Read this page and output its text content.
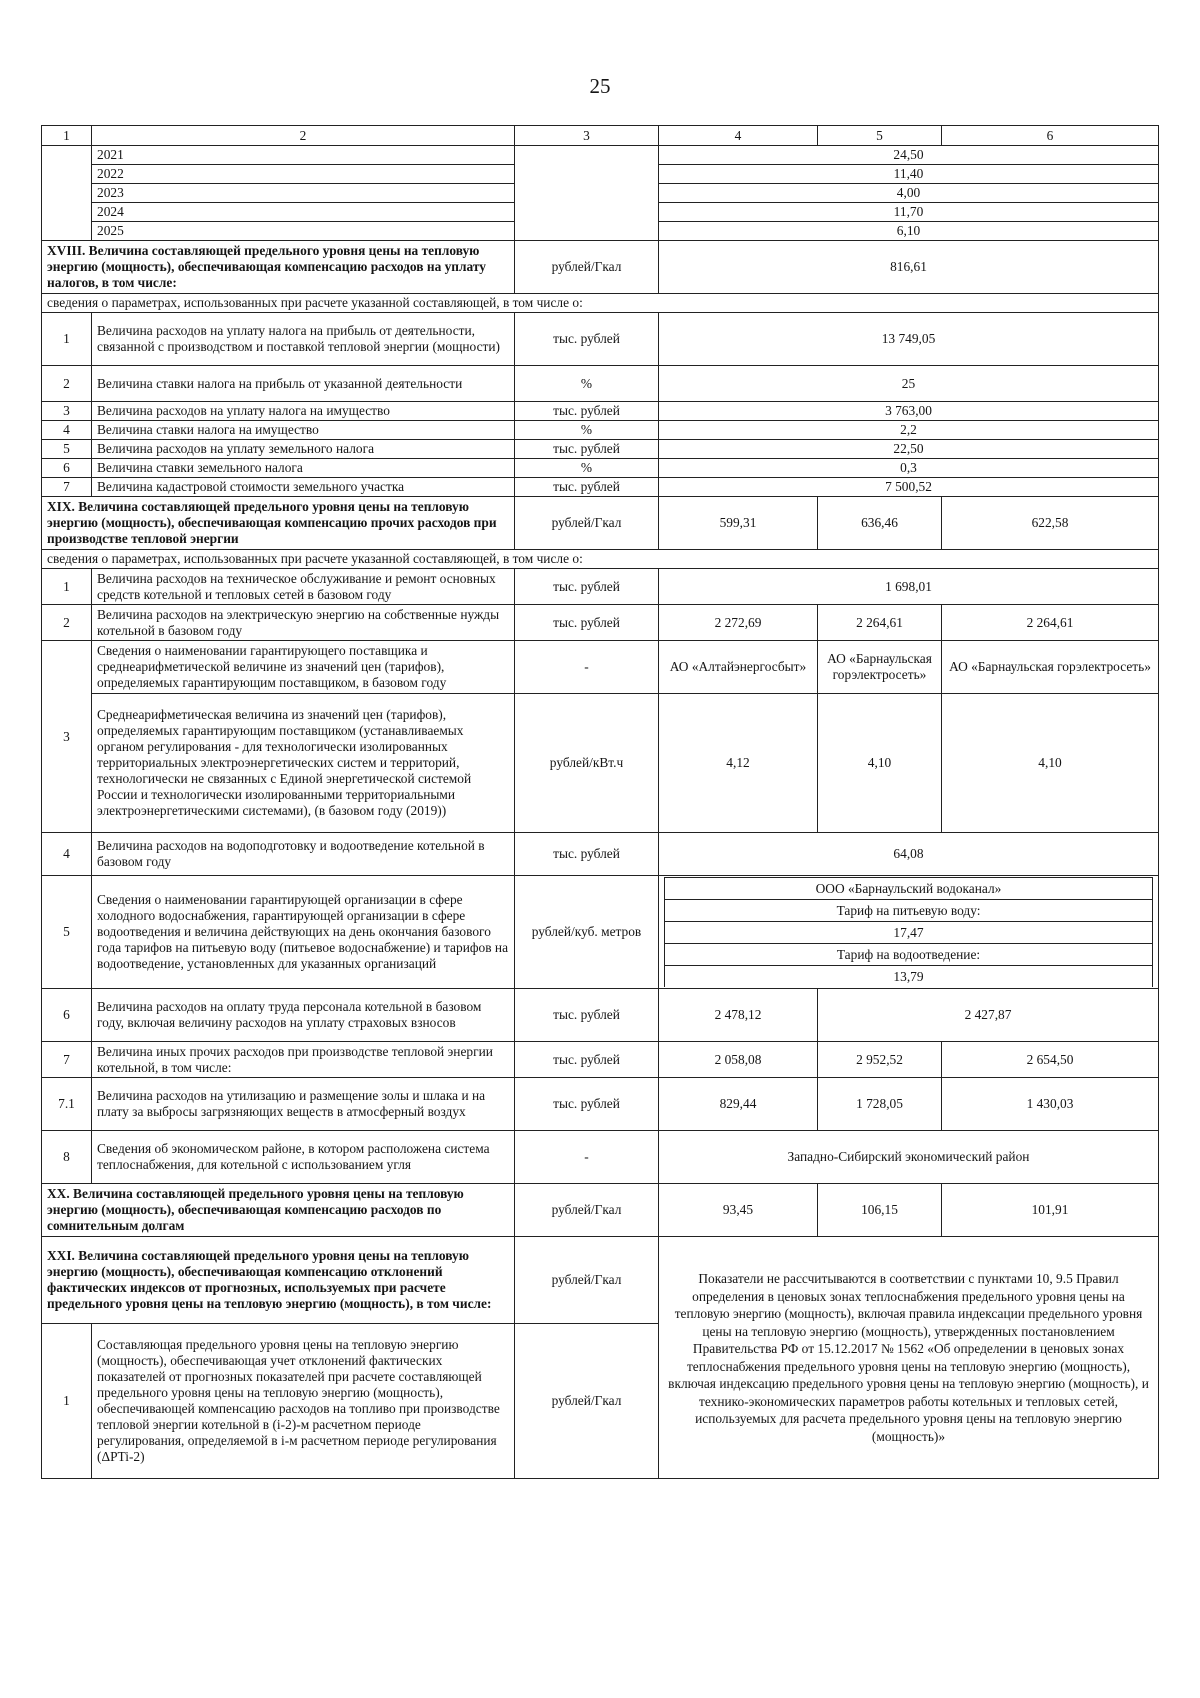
25
1	2	3	4	5	6
	2021		24,50
2022	11,40
2023	4,00
2024	11,70
2025	6,10
XVIII. Величина составляющей предельного уровня цены на тепловую энергию (мощность), обеспечивающая компенсацию расходов на уплату налогов, в том числе:	рублей/Гкал	816,61
сведения о параметрах, использованных при расчете указанной составляющей, в том числе о:
1	Величина расходов на уплату налога на прибыль от деятельности, связанной с производством и поставкой тепловой энергии (мощности)	тыс. рублей	13 749,05
2	Величина ставки налога на прибыль от указанной деятельности	%	25
3	Величина расходов на уплату налога на имущество	тыс. рублей	3 763,00
4	Величина ставки налога на имущество	%	2,2
5	Величина расходов на уплату земельного налога	тыс. рублей	22,50
6	Величина ставки земельного налога	%	0,3
7	Величина кадастровой стоимости земельного участка	тыс. рублей	7 500,52
XIX. Величина составляющей предельного уровня цены на тепловую энергию (мощность), обеспечивающая компенсацию прочих расходов при производстве тепловой энергии	рублей/Гкал	599,31	636,46	622,58
сведения о параметрах, использованных при расчете указанной составляющей, в том числе о:
1	Величина расходов на техническое обслуживание и ремонт основных средств котельной и тепловых сетей в базовом году	тыс. рублей	1 698,01
2	Величина расходов на электрическую энергию на собственные нужды котельной в базовом году	тыс. рублей	2 272,69	2 264,61	2 264,61
3	Сведения о наименовании гарантирующего поставщика и среднеарифметической величине из значений цен (тарифов), определяемых гарантирующим поставщиком, в базовом году	-	АО «Алтайэнергосбыт»	АО «Барнаульская горэлектросеть»	АО «Барнаульская горэлектросеть»
Среднеарифметическая величина из значений цен (тарифов), определяемых гарантирующим поставщиком (устанавливаемых органом регулирования - для технологически изолированных территориальных электроэнергетических систем и территорий, технологически не связанных с Единой энергетической системой России и технологически изолированными территориальными электроэнергетическими системами), (в базовом году (2019))	рублей/кВт.ч	4,12	4,10	4,10
4	Величина расходов на водоподготовку и водоотведение котельной в базовом году	тыс. рублей	64,08
5	Сведения о наименовании гарантирующей организации в сфере холодного водоснабжения, гарантирующей организации в сфере водоотведения и величина действующих на день окончания базового года тарифов на питьевую воду (питьевое водоснабжение) и тарифов на водоотведение, установленных для указанных организаций	рублей/куб. метров	
ООО «Барнаульский водоканал»
Тариф на питьевую воду:
17,47
Тариф на водоотведение:
13,79

6	Величина расходов на оплату труда персонала котельной в базовом году, включая величину расходов на уплату страховых взносов	тыс. рублей	2 478,12	2 427,87
7	Величина иных прочих расходов при производстве тепловой энергии котельной, в том числе:	тыс. рублей	2 058,08	2 952,52	2 654,50
7.1	Величина расходов на утилизацию и размещение золы и шлака и на плату за выбросы загрязняющих веществ в атмосферный воздух	тыс. рублей	829,44	1 728,05	1 430,03
8	Сведения об экономическом районе, в котором расположена система теплоснабжения, для котельной с использованием угля	-	Западно-Сибирский экономический район
XX. Величина составляющей предельного уровня цены на тепловую энергию (мощность), обеспечивающая компенсацию расходов по сомнительным долгам	рублей/Гкал	93,45	106,15	101,91
XXI. Величина составляющей предельного уровня цены на тепловую энергию (мощность), обеспечивающая компенсацию отклонений фактических индексов от прогнозных, используемых при расчете предельного уровня цены на тепловую энергию (мощность), в том числе:	рублей/Гкал	Показатели не рассчитываются в соответствии с пунктами 10, 9.5 Правил определения в ценовых зонах теплоснабжения предельного уровня цены на тепловую энергию (мощность), включая правила индексации предельного уровня цены на тепловую энергию (мощность), утвержденных постановлением Правительства РФ от 15.12.2017 № 1562 «Об определении в ценовых зонах теплоснабжения предельного уровня цены на тепловую энергию (мощность), включая индексацию предельного уровня цены на тепловую энергию (мощность), и технико-экономических параметров работы котельных и тепловых сетей, используемых для расчета предельного уровня цены на тепловую энергию (мощность)»
1	Составляющая предельного уровня цены на тепловую энергию (мощность), обеспечивающая учет отклонений фактических показателей от прогнозных показателей при расчете составляющей предельного уровня цены на тепловую энергию (мощность), обеспечивающей компенсацию расходов на топливо при производстве тепловой энергии котельной в (i-2)-м расчетном периоде регулирования, определяемой в i-м расчетном периоде регулирования (ΔPTi-2)	рублей/Гкал
